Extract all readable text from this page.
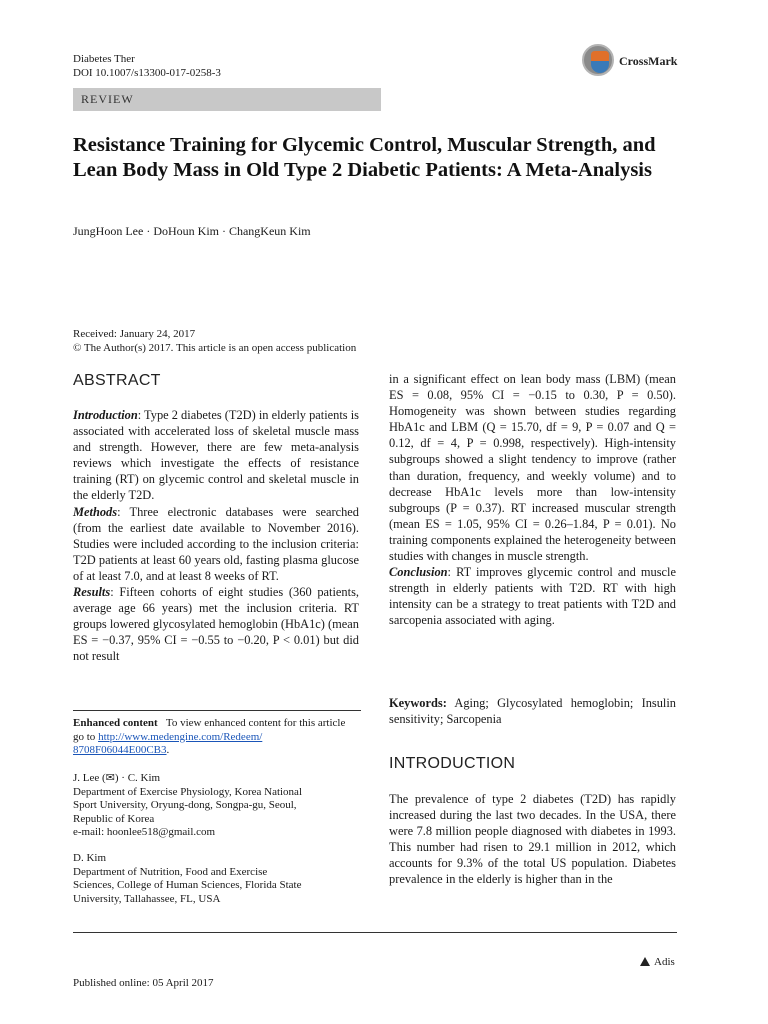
Diabetes Ther
DOI 10.1007/s13300-017-0258-3
CrossMark
REVIEW
Resistance Training for Glycemic Control, Muscular Strength, and Lean Body Mass in Old Type 2 Diabetic Patients: A Meta-Analysis
JungHoon Lee · DoHoun Kim · ChangKeun Kim
Received: January 24, 2017
© The Author(s) 2017. This article is an open access publication
ABSTRACT

Introduction: Type 2 diabetes (T2D) in elderly patients is associated with accelerated loss of skeletal muscle mass and strength. However, there are few meta-analysis reviews which investigate the effects of resistance training (RT) on glycemic control and skeletal muscle in the elderly T2D.

Methods: Three electronic databases were searched (from the earliest date available to November 2016). Studies were included according to the inclusion criteria: T2D patients at least 60 years old, fasting plasma glucose of at least 7.0, and at least 8 weeks of RT.

Results: Fifteen cohorts of eight studies (360 patients, average age 66 years) met the inclusion criteria. RT groups lowered glycosylated hemoglobin (HbA1c) (mean ES = −0.37, 95% CI = −0.55 to −0.20, P < 0.01) but did not result

Enhanced content To view enhanced content for this article go to http://www.medengine.com/Redeem/
8708F06044E00CB3.
J. Lee (✉) · C. Kim
Department of Exercise Physiology, Korea National
Sport University, Oryung-dong, Songpa-gu, Seoul,
Republic of Korea
e-mail: hoonlee518@gmail.com
D. Kim
Department of Nutrition, Food and Exercise
Sciences, College of Human Sciences, Florida State
University, Tallahassee, FL, USA

in a significant effect on lean body mass (LBM) (mean ES = 0.08, 95% CI = −0.15 to 0.30, P = 0.50). Homogeneity was shown between studies regarding HbA1c and LBM (Q = 15.70, df = 9, P = 0.07 and Q = 0.12, df = 4, P = 0.998, respectively). High-intensity subgroups showed a slight tendency to improve (rather than duration, frequency, and weekly volume) and to decrease HbA1c levels more than low-intensity subgroups (P = 0.37). RT increased muscular strength (mean ES = 1.05, 95% CI = 0.26–1.84, P = 0.01). No training components explained the heterogeneity between studies with changes in muscle strength.

Conclusion: RT improves glycemic control and muscle strength in elderly patients with T2D. RT with high intensity can be a strategy to treat patients with T2D and sarcopenia associated with aging.

Keywords: Aging; Glycosylated hemoglobin; Insulin sensitivity; Sarcopenia

INTRODUCTION

The prevalence of type 2 diabetes (T2D) has rapidly increased during the last two decades. In the USA, there were 7.8 million people diagnosed with diabetes in 1993. This number had risen to 29.1 million in 2012, which accounts for 9.3% of the total US population. Diabetes prevalence in the elderly is higher than in the

Adis
Published online: 05 April 2017
